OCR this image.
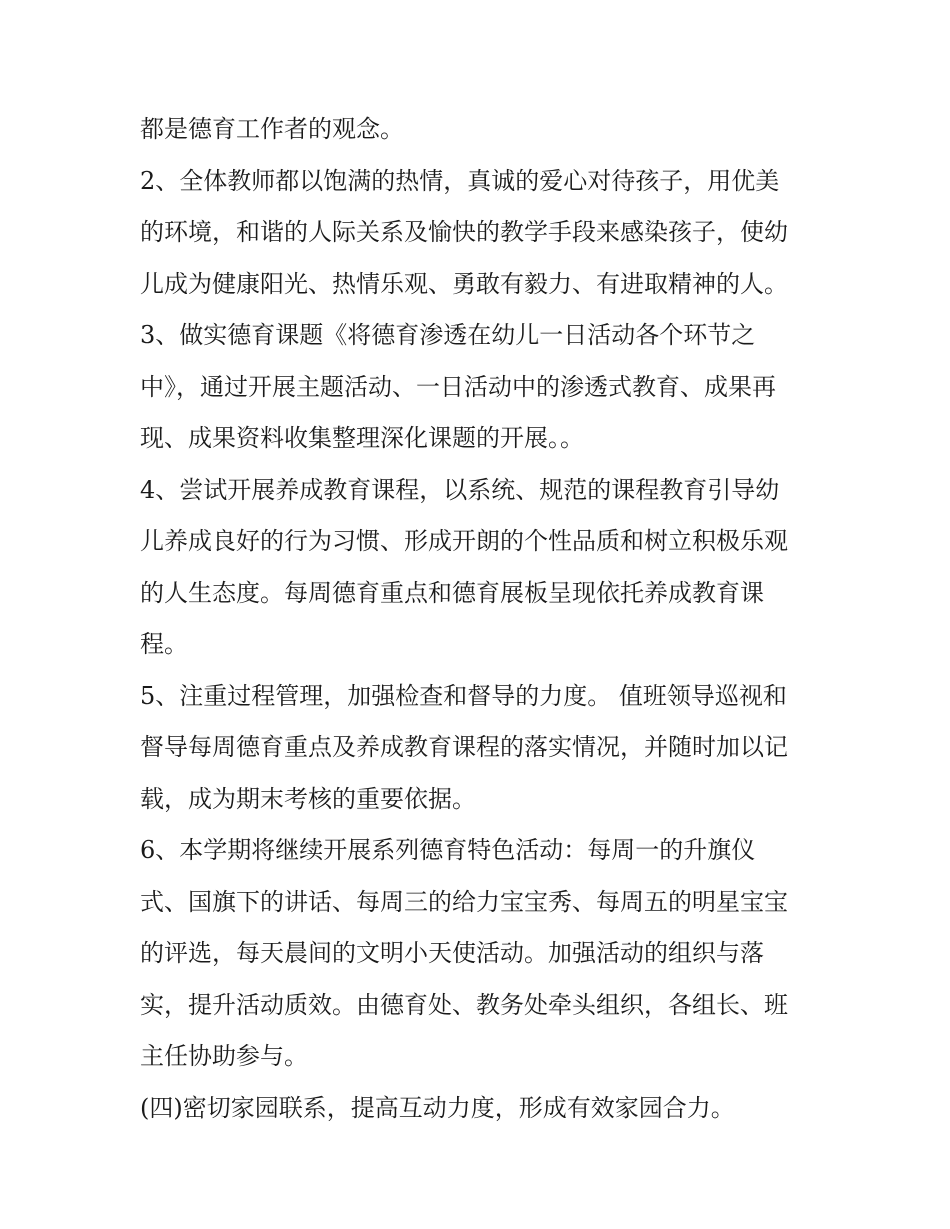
都是德育工作者的观念。
2、全体教师都以饱满的热情，真诚的爱心对待孩子，用优美
的环境，和谐的人际关系及愉快的教学手段来感染孩子，使幼
儿成为健康阳光、热情乐观、勇敢有毅力、有进取精神的人。
3、做实德育课题《将德育渗透在幼儿一日活动各个环节之
中》，通过开展主题活动、一日活动中的渗透式教育、成果再
现、成果资料收集整理深化课题的开展。。
4、尝试开展养成教育课程，以系统、规范的课程教育引导幼
儿养成良好的行为习惯、形成开朗的个性品质和树立积极乐观
的人生态度。每周德育重点和德育展板呈现依托养成教育课
程。
5、注重过程管理，加强检查和督导的力度。 值班领导巡视和
督导每周德育重点及养成教育课程的落实情况，并随时加以记
载，成为期末考核的重要依据。
6、本学期将继续开展系列德育特色活动：每周一的升旗仪
式、国旗下的讲话、每周三的给力宝宝秀、每周五的明星宝宝
的评选，每天晨间的文明小天使活动。加强活动的组织与落
实，提升活动质效。由德育处、教务处牵头组织，各组长、班
主任协助参与。
(四)密切家园联系，提高互动力度，形成有效家园合力。
